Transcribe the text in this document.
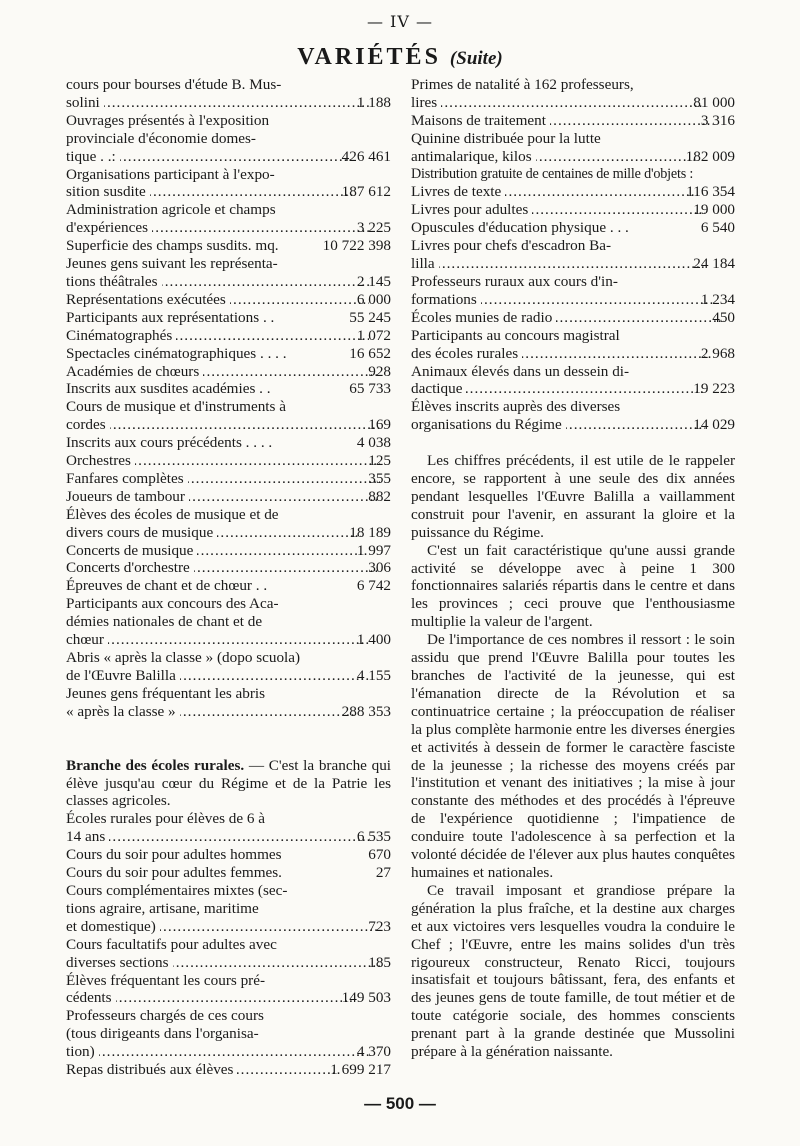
— IV —
VARIÉTÉS (Suite)
cours pour bourses d'étude B. Mus-
solini .....	1 188
Ouvrages présentés à l'exposition
provinciale d'économie domes-
tique . .: .....	426 461
Organisations participant à l'expo-
sition susdite .....	187 612
Administration agricole et champs
d'expériences .....	3 225
Superficie des champs susdits. mq.	10 722 398
Jeunes gens suivant les représenta-
tions théâtrales .....	2 145
Représentations exécutées .....	6 000
Participants aux représentations . .	55 245
Cinématographés .....	1 072
Spectacles cinématographiques . . . .	16 652
Académies de chœurs .....	928
Inscrits aux susdites académies . .	65 733
Cours de musique et d'instruments à
cordes .....	169
Inscrits aux cours précédents . . . .	4 038
Orchestres .....	125
Fanfares complètes .....	355
Joueurs de tambour .....	882
Élèves des écoles de musique et de
divers cours de musique .....	18 189
Concerts de musique .....	1 997
Concerts d'orchestre .....	306
Épreuves de chant et de chœur . .	6 742
Participants aux concours des Aca-
démies nationales de chant et de
chœur .....	1 400
Abris « après la classe » (dopo scuola)
de l'Œuvre Balilla .....	4 155
Jeunes gens fréquentant les abris
« après la classe » .....	288 353

Branche des écoles rurales. — C'est la branche qui élève jusqu'au cœur du Régime et de la Patrie les classes agricoles.

Écoles rurales pour élèves de 6 à
14 ans .....	6 535
Cours du soir pour adultes hommes	670
Cours du soir pour adultes femmes.	27
Cours complémentaires mixtes (sec-
tions agraire, artisane, maritime
et domestique) .....	723
Cours facultatifs pour adultes avec
diverses sections .....	185
Élèves fréquentant les cours pré-
cédents .....	149 503
Professeurs chargés de ces cours
(tous dirigeants dans l'organisa-
tion) .....	4 370
Repas distribués aux élèves .....	1 699 217
Primes de natalité à 162 professeurs,
lires .....	81 000
Maisons de traitement .....	3 316
Quinine distribuée pour la lutte
antimalarique, kilos .....	182 009
Distribution gratuite de centaines de mille d'objets :
Livres de texte .....	116 354
Livres pour adultes .....	19 000
Opuscules d'éducation physique . . .	6 540
Livres pour chefs d'escadron Ba-
lilla .....	24 184
Professeurs ruraux aux cours d'in-
formations .....	1 234
Écoles munies de radio .....	450
Participants au concours magistral
des écoles rurales .....	2 968
Animaux élevés dans un dessein di-
dactique .....	19 223
Élèves inscrits auprès des diverses
organisations du Régime .....	14 029

Les chiffres précédents, il est utile de le rappeler encore, se rapportent à une seule des dix années pendant lesquelles l'Œuvre Balilla a vaillamment construit pour l'avenir, en assurant la gloire et la puissance du Régime.

C'est un fait caractéristique qu'une aussi grande activité se développe avec à peine 1 300 fonctionnaires salariés répartis dans le centre et dans les provinces ; ceci prouve que l'enthousiasme multiplie la valeur de l'argent.

De l'importance de ces nombres il ressort : le soin assidu que prend l'Œuvre Balilla pour toutes les branches de l'activité de la jeunesse, qui est l'émanation directe de la Révolution et sa continuatrice certaine ; la préoccupation de réaliser la plus complète harmonie entre les diverses énergies et activités à dessein de former le caractère fasciste de la jeunesse ; la richesse des moyens créés par l'institution et venant des initiatives ; la mise à jour constante des méthodes et des procédés à l'épreuve de l'expérience quotidienne ; l'impatience de conduire toute l'adolescence à sa perfection et la volonté décidée de l'élever aux plus hautes conquêtes humaines et nationales.

Ce travail imposant et grandiose prépare la génération la plus fraîche, et la destine aux charges et aux victoires vers lesquelles voudra la conduire le Chef ; l'Œuvre, entre les mains solides d'un très rigoureux constructeur, Renato Ricci, toujours insatisfait et toujours bâtissant, fera, des enfants et des jeunes gens de toute famille, de tout métier et de toute catégorie sociale, des hommes conscients prenant part à la grande destinée que Mussolini prépare à la génération naissante.

— 500 —
